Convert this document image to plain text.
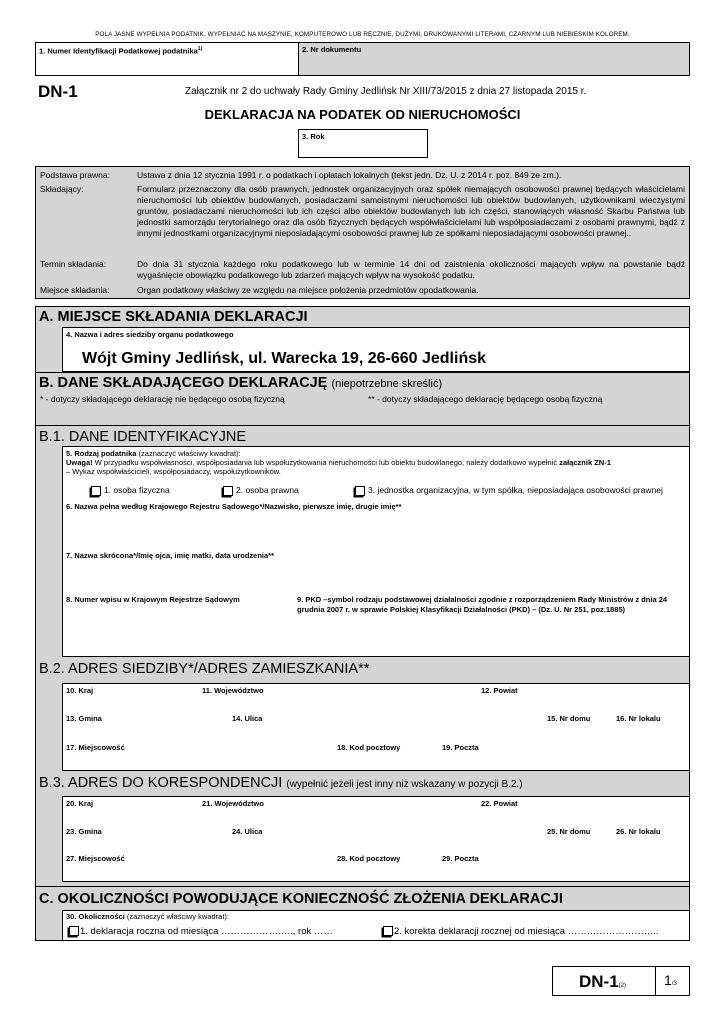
POLA JASNE WYPEŁNIA PODATNIK. WYPEŁNIAĆ NA MASZYNIE, KOMPUTEROWO LUB RĘCZNIE, DUŻYMI, DRUKOWANYMI LITERAMI, CZARNYM LUB NIEBIESKIM KOLOREM.
1. Numer Identyfikacji Podatkowej podatnika$^{1)}$	2. Nr dokumentu
DN-1	Załącznik nr 2 do uchwały Rady Gminy Jedlińsk Nr XIII/73/2015 z dnia 27 listopada 2015 r.
DEKLARACJA NA PODATEK OD NIERUCHOMOŚCI
3. Rok
Podstawa prawna:	Ustawa z dnia 12 stycznia 1991 r. o podatkach i opłatach lokalnych (tekst jedn. Dz. U. z 2014 r. poz. 849 ze zm.).
Składający:	Formularz przeznaczony dla osób prawnych, jednostek organizacyjnych oraz spółek niemających osobowości prawnej będących właścicielami nieruchomości lub obiektów budowlanych, posiadaczami samoistnymi nieruchomości lub obiektów budowlanych, użytkownikami wieczystymi gruntów, posiadaczami nieruchomości lub ich części albo obiektów budowlanych lub ich części, stanowiących własność Skarbu Państwa lub jednostki samorządu terytorialnego oraz dla osób fizycznych będących współwłaścicielami lub współposiadaczami z osobami prawnymi, bądź z innymi jednostkami organizacyjnymi nieposiadającymi osobowości prawnej lub ze spółkami nieposiadającymi osobowości prawnej..
Termin składania:	Do dnia 31 stycznia każdego roku podatkowego lub w terminie 14 dni od zaistnienia okoliczności mających wpływ na powstanie bądź wygaśnięcie obowiązku podatkowego lub zdarzeń mających wpływ na wysokość podatku.
Miejsce składania:	Organ podatkowy właściwy ze względu na miejsce położenia przedmiotów opodatkowania.
A. MIEJSCE SKŁADANIA DEKLARACJI
4. Nazwa i adres siedziby organu podatkowego
Wójt Gminy Jedlińsk, ul. Warecka 19, 26-660 Jedlińsk
B. DANE SKŁADAJĄCEGO DEKLARACJĘ (niepotrzebne skreślić)
* - dotyczy składającego deklarację nie będącego osobą fizyczną	** - dotyczy składającego deklarację będącego osobą fizyczną
B.1. DANE IDENTYFIKACYJNE
5. Rodzaj podatnika (zaznaczyć właściwy kwadrat):
Uwaga! W przypadku współwłasności, współposiadania lub współużytkowania nieruchomości lub obiektu budowlanego, należy dodatkowo wypełnić załącznik ZN-1
– Wykaz współwłaścicieli, współposiadaczy, współużytkowników.
1. osoba fizyczna	2. osoba prawna	3. jednostka organizacyjna, w tym spółka, nieposiadająca osobowości prawnej
6. Nazwa pełna według Krajowego Rejestru Sądowego*/Nazwisko, pierwsze imię, drugie imię**
7. Nazwa skrócona*/Imię ojca, imię matki, data urodzenia**
8. Numer wpisu w Krajowym Rejestrze Sądowym	9. PKD –symbol rodzaju podstawowej działalności zgodnie z rozporządzeniem Rady Ministrów z dnia 24 grudnia 2007 r. w sprawie Polskiej Klasyfikacji Działalności (PKD) – (Dz. U. Nr 251, poz.1885)
B.2. ADRES SIEDZIBY*/ADRES ZAMIESZKANIA**
10. Kraj	11. Województwo	12. Powiat
13. Gmina	14. Ulica	15. Nr domu	16. Nr lokalu
17. Miejscowość	18. Kod pocztowy	19. Poczta
B.3. ADRES DO KORESPONDENCJI (wypełnić jeżeli jest inny niż wskazany w pozycji B.2.)
20. Kraj	21. Województwo	22. Powiat
23. Gmina	24. Ulica	25. Nr domu	26. Nr lokalu
27. Miejscowość	28. Kod pocztowy	29. Poczta
C. OKOLICZNOŚCI POWODUJĄCE KONIECZNOŚĆ ZŁOŻENIA DEKLARACJI
30. Okoliczności (zaznaczyć właściwy kwadrat):
1. deklaracja roczna od miesiąca ………………….., rok ……	2. korekta deklaracji rocznej od miesiąca ………………………..
DN-1(2)	1/3
